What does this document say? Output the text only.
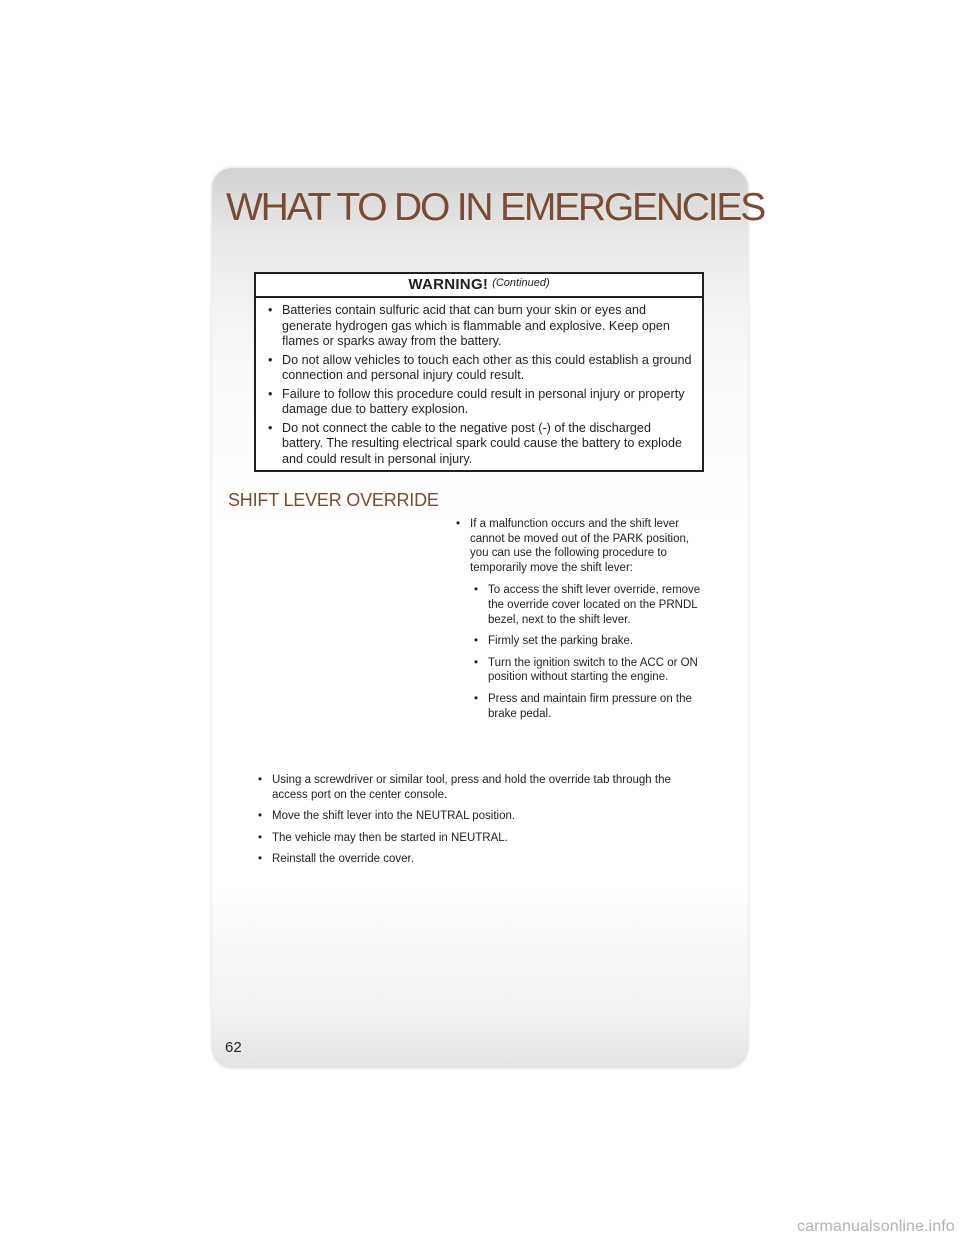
WHAT TO DO IN EMERGENCIES
WARNING! (Continued)
• Batteries contain sulfuric acid that can burn your skin or eyes and generate hydrogen gas which is flammable and explosive. Keep open flames or sparks away from the battery.
• Do not allow vehicles to touch each other as this could establish a ground connection and personal injury could result.
• Failure to follow this procedure could result in personal injury or property damage due to battery explosion.
• Do not connect the cable to the negative post (-) of the discharged battery. The resulting electrical spark could cause the battery to explode and could result in personal injury.
SHIFT LEVER OVERRIDE
• If a malfunction occurs and the shift lever cannot be moved out of the PARK position, you can use the following procedure to temporarily move the shift lever:
• To access the shift lever override, remove the override cover located on the PRNDL bezel, next to the shift lever.
• Firmly set the parking brake.
• Turn the ignition switch to the ACC or ON position without starting the engine.
• Press and maintain firm pressure on the brake pedal.
• Using a screwdriver or similar tool, press and hold the override tab through the access port on the center console.
• Move the shift lever into the NEUTRAL position.
• The vehicle may then be started in NEUTRAL.
• Reinstall the override cover.
62
carmanualsonline.info
